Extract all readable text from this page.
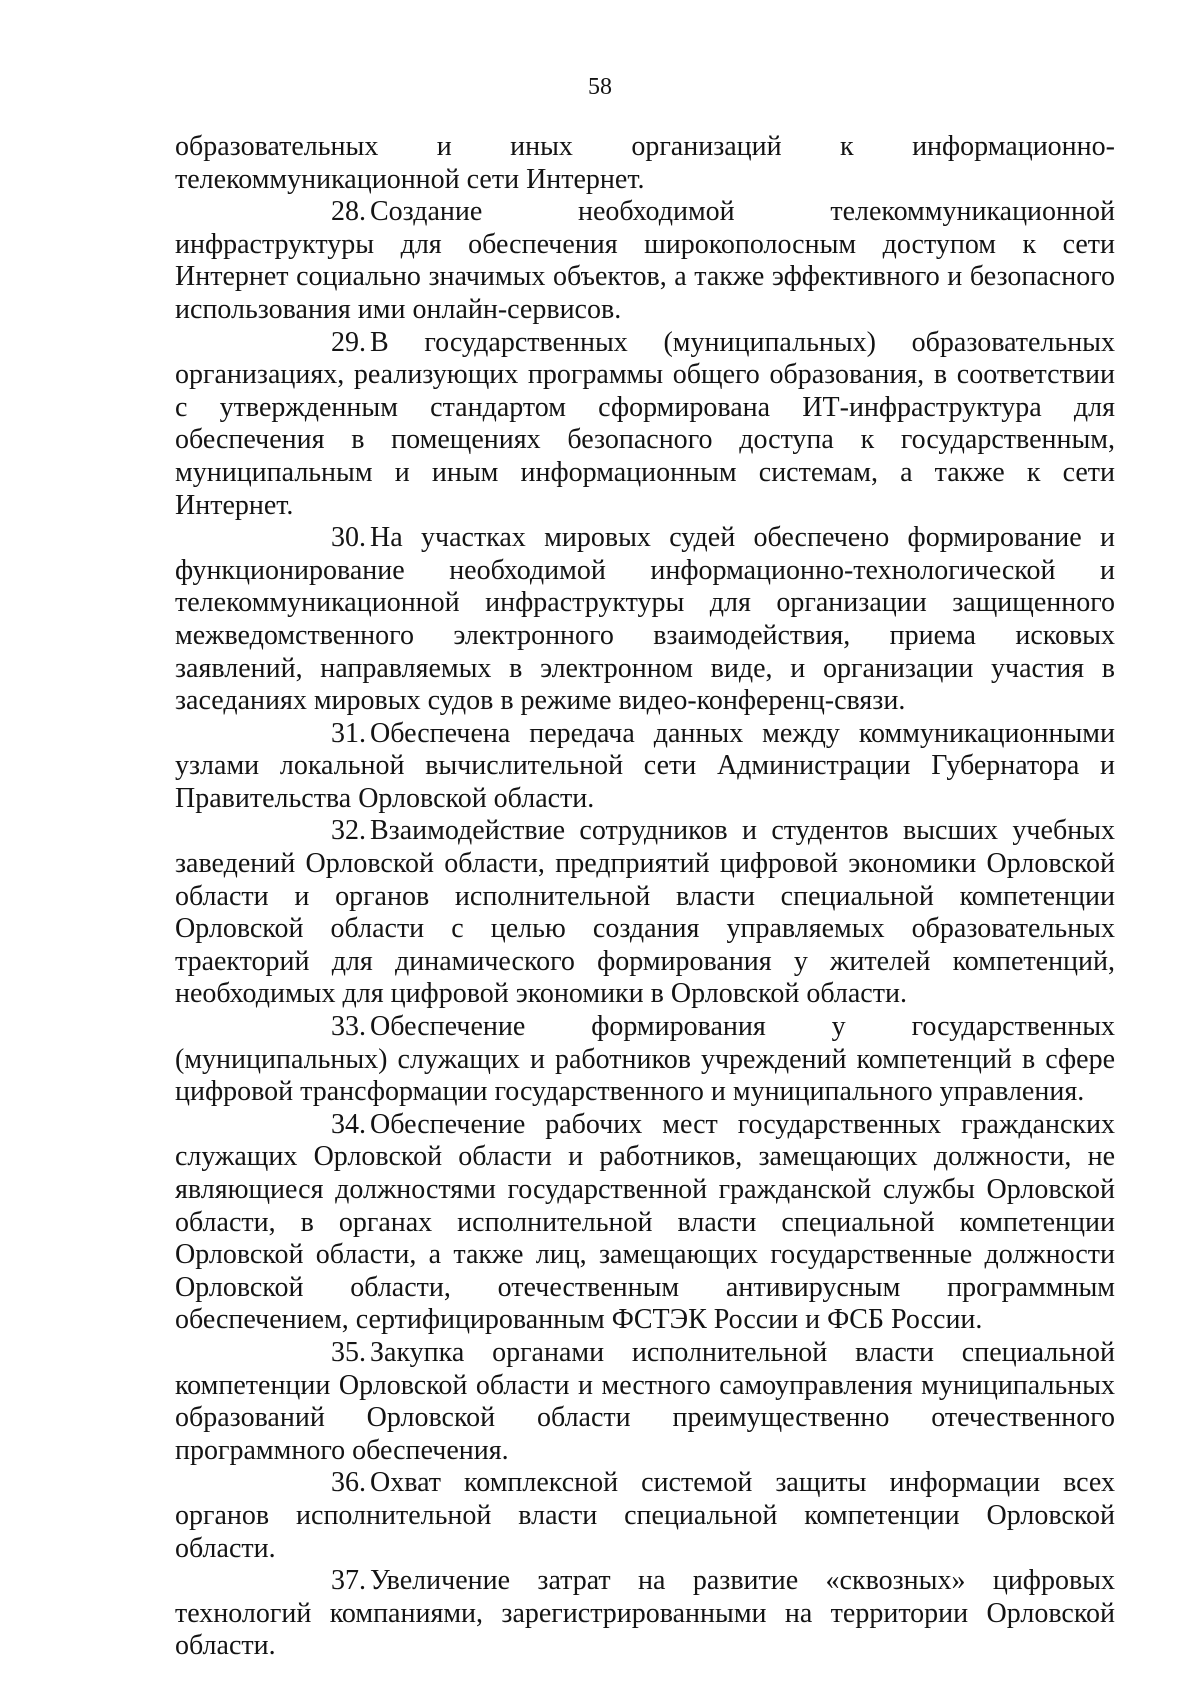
58

образовательных и иных организаций к информационно-
телекоммуникационной сети Интернет.

28. Создание необходимой телекоммуникационной инфраструктуры для обеспечения широкополосным доступом к сети Интернет социально значимых объектов, а также эффективного и безопасного использования ими онлайн-сервисов.

29. В государственных (муниципальных) образовательных организациях, реализующих программы общего образования, в соответствии с утвержденным стандартом сформирована ИТ-инфраструктура для обеспечения в помещениях безопасного доступа к государственным, муниципальным и иным информационным системам, а также к сети Интернет.

30. На участках мировых судей обеспечено формирование и функционирование необходимой информационно-технологической и телекоммуникационной инфраструктуры для организации защищенного межведомственного электронного взаимодействия, приема исковых заявлений, направляемых в электронном виде, и организации участия в заседаниях мировых судов в режиме видео-конференц-связи.

31. Обеспечена передача данных между коммуникационными узлами локальной вычислительной сети Администрации Губернатора и Правительства Орловской области.

32. Взаимодействие сотрудников и студентов высших учебных заведений Орловской области, предприятий цифровой экономики Орловской области и органов исполнительной власти специальной компетенции Орловской области с целью создания управляемых образовательных траекторий для динамического формирования у жителей компетенций, необходимых для цифровой экономики в Орловской области.

33. Обеспечение формирования у государственных (муниципальных) служащих и работников учреждений компетенций в сфере цифровой трансформации государственного и муниципального управления.

34. Обеспечение рабочих мест государственных гражданских служащих Орловской области и работников, замещающих должности, не являющиеся должностями государственной гражданской службы Орловской области, в органах исполнительной власти специальной компетенции Орловской области, а также лиц, замещающих государственные должности Орловской области, отечественным антивирусным программным обеспечением, сертифицированным ФСТЭК России и ФСБ России.

35. Закупка органами исполнительной власти специальной компетенции Орловской области и местного самоуправления муниципальных образований Орловской области преимущественно отечественного программного обеспечения.

36. Охват комплексной системой защиты информации всех органов исполнительной власти специальной компетенции Орловской области.

37. Увеличение затрат на развитие «сквозных» цифровых технологий компаниями, зарегистрированными на территории Орловской области.
